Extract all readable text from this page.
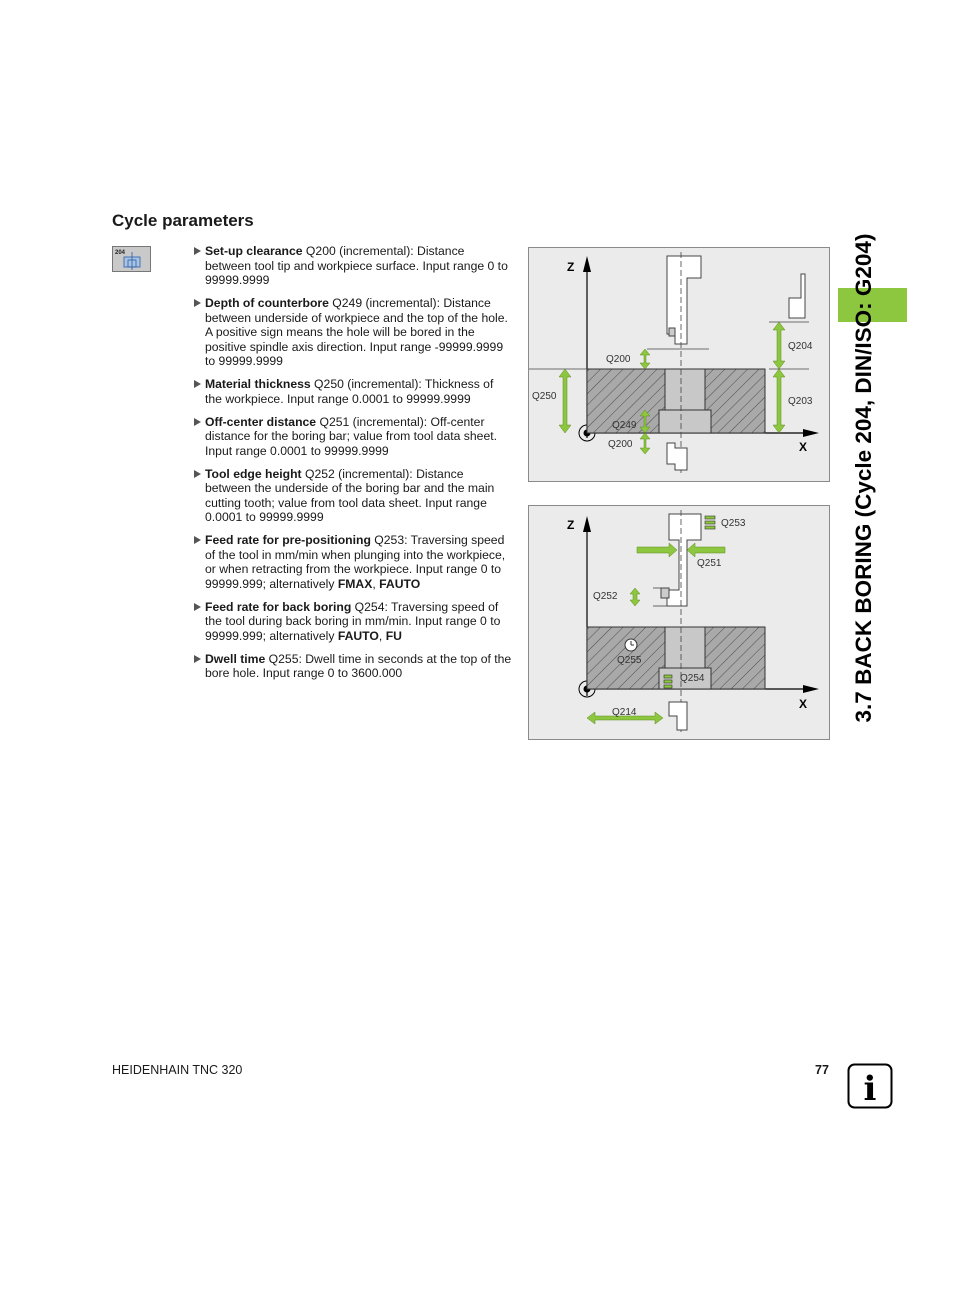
Cycle parameters
204	Set-up clearance Q200 (incremental): Distance between tool tip and workpiece surface. Input range 0 to 99999.9999
Depth of counterbore Q249 (incremental): Distance between underside of workpiece and the top of the hole. A positive sign means the hole will be bored in the positive spindle axis direction. Input range -99999.9999 to 99999.9999
Material thickness Q250 (incremental): Thickness of the workpiece. Input range 0.0001 to 99999.9999
Off-center distance Q251 (incremental): Off-center distance for the boring bar; value from tool data sheet. Input range 0.0001 to 99999.9999
Tool edge height Q252 (incremental): Distance between the underside of the boring bar and the main cutting tooth; value from tool data sheet. Input range 0.0001 to 99999.9999
Feed rate for pre-positioning Q253: Traversing speed of the tool in mm/min when plunging into the workpiece, or when retracting from the workpiece. Input range 0 to 99999.999; alternatively FMAX, FAUTO
Feed rate for back boring Q254: Traversing speed of the tool during back boring in mm/min. Input range 0 to 99999.999; alternatively FAUTO, FU
Dwell time Q255: Dwell time in seconds at the top of the bore hole. Input range 0 to 3600.000
Z
X
Q200
Q204
Q250	Q203
Q249
Q200
Z
X
Q253
Q251
Q252
Q255
Q254
Q214	3.7 BACK BORING (Cycle 204, DIN/ISO: G204)
HEIDENHAIN TNC 320	77 i
